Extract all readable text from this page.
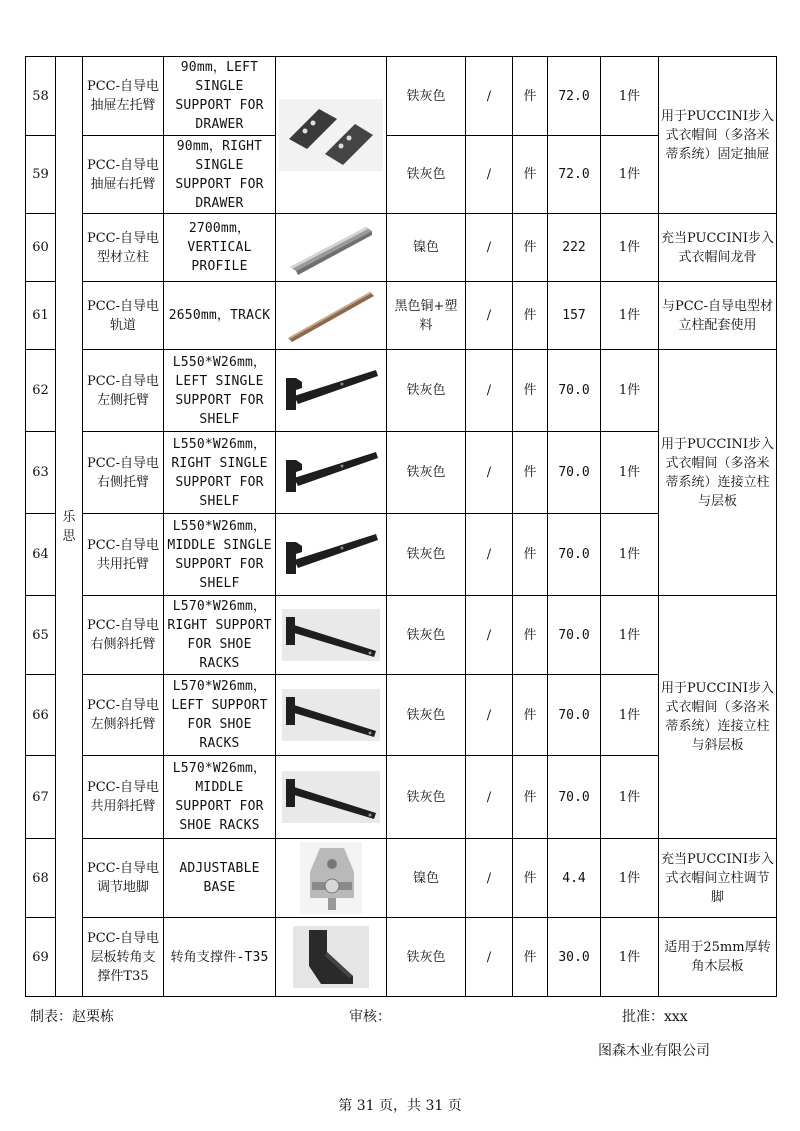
58	乐思	PCC-自导电抽屉左托臂	90mm，LEFT SINGLE SUPPORT FOR DRAWER		铁灰色	/	件	72.0	1件	用于PUCCINI步入式衣帽间（多洛米蒂系统）固定抽屉
59		PCC-自导电抽屉右托臂	90mm，RIGHT SINGLE SUPPORT FOR DRAWER		铁灰色	/	件	72.0	1件	
60		PCC-自导电型材立柱	2700mm，VERTICAL PROFILE		镍色	/	件	222	1件	充当PUCCINI步入式衣帽间龙骨
61		PCC-自导电轨道	2650mm，TRACK		黑色铜+塑料	/	件	157	1件	与PCC-自导电型材立柱配套使用
62		PCC-自导电左侧托臂	L550*W26mm，LEFT SINGLE SUPPORT FOR SHELF		铁灰色	/	件	70.0	1件	用于PUCCINI步入式衣帽间（多洛米蒂系统）连接立柱与层板
63		PCC-自导电右侧托臂	L550*W26mm，RIGHT SINGLE SUPPORT FOR SHELF		铁灰色	/	件	70.0	1件	
64		PCC-自导电共用托臂	L550*W26mm，MIDDLE SINGLE SUPPORT FOR SHELF		铁灰色	/	件	70.0	1件	
65		PCC-自导电右侧斜托臂	L570*W26mm，RIGHT SUPPORT FOR SHOE RACKS		铁灰色	/	件	70.0	1件	用于PUCCINI步入式衣帽间（多洛米蒂系统）连接立柱与斜层板
66		PCC-自导电左侧斜托臂	L570*W26mm，LEFT SUPPORT FOR SHOE RACKS		铁灰色	/	件	70.0	1件	
67		PCC-自导电共用斜托臂	L570*W26mm，MIDDLE SUPPORT FOR SHOE RACKS		铁灰色	/	件	70.0	1件	
68		PCC-自导电调节地脚	ADJUSTABLE BASE		镍色	/	件	4.4	1件	充当PUCCINI步入式衣帽间立柱调节脚
69		PCC-自导电层板转角支撑件T35	转角支撑件-T35		铁灰色	/	件	30.0	1件	适用于25mm厚转角木层板
制表：赵栗栋	审核：	批准：xxx
图森木业有限公司
第 31 页，共 31 页
